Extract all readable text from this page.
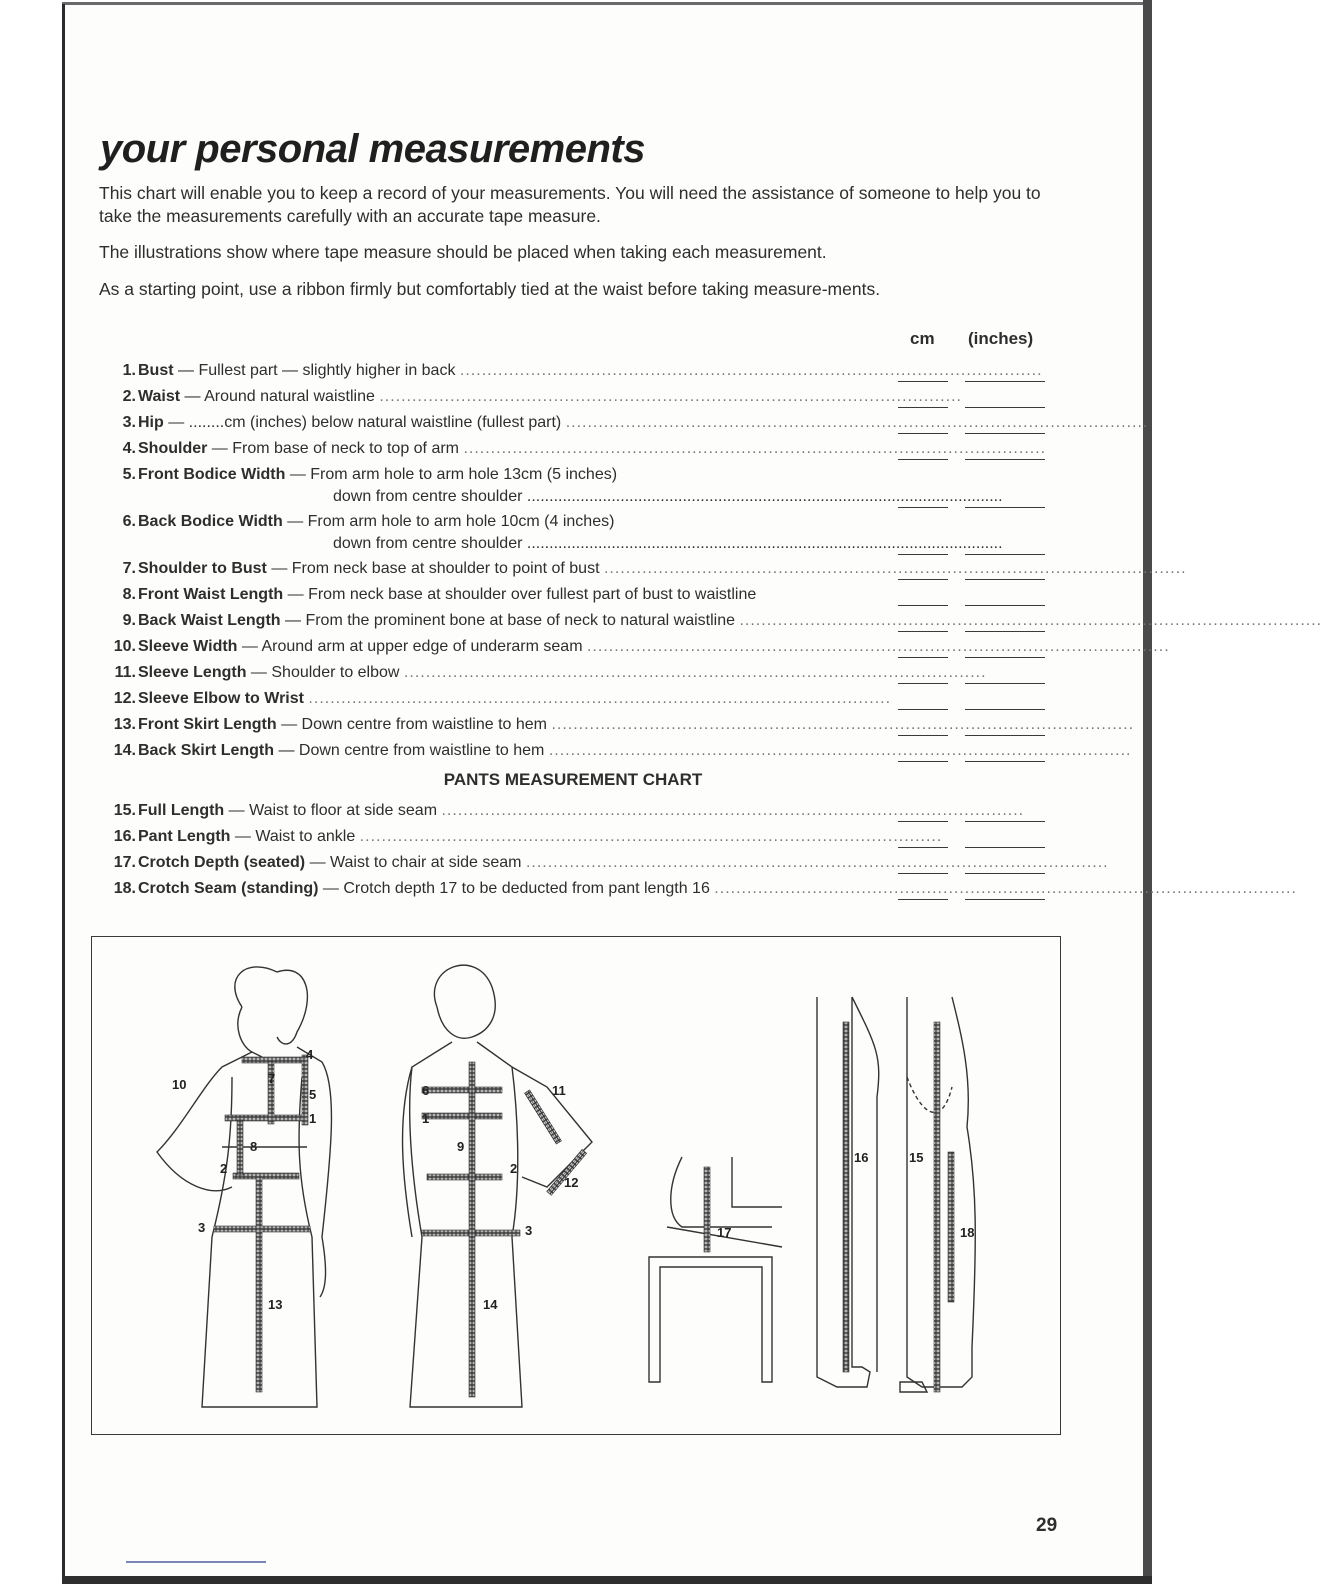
your personal measurements

This chart will enable you to keep a record of your measurements. You will need the assistance of someone to help you to take the measurements carefully with an accurate tape measure.

The illustrations show where tape measure should be placed when taking each measurement.

As a starting point, use a ribbon firmly but comfortably tied at the waist before taking measure-ments.

cm (inches)
1. Bust — Fullest part — slightly higher in back ...........................................................................................................
2. Waist — Around natural waistline ...........................................................................................................
3. Hip — ........cm (inches) below natural waistline (fullest part) ...........................................................................................................
4. Shoulder — From base of neck to top of arm ...........................................................................................................
5. Front Bodice Width — From arm hole to arm hole 13cm (5 inches)
down from centre shoulder ...........................................................................................................
6. Back Bodice Width — From arm hole to arm hole 10cm (4 inches)
down from centre shoulder ...........................................................................................................
7. Shoulder to Bust — From neck base at shoulder to point of bust ...........................................................................................................
8. Front Waist Length — From neck base at shoulder over fullest part of bust to waistline
9. Back Waist Length — From the prominent bone at base of neck to natural waistline ...........................................................................................................
10. Sleeve Width — Around arm at upper edge of underarm seam ...........................................................................................................
11. Sleeve Length — Shoulder to elbow ...........................................................................................................
12. Sleeve Elbow to Wrist ...........................................................................................................
13. Front Skirt Length — Down centre from waistline to hem ...........................................................................................................
14. Back Skirt Length — Down centre from waistline to hem ...........................................................................................................
PANTS MEASUREMENT CHART
15. Full Length — Waist to floor at side seam ...........................................................................................................
16. Pant Length — Waist to ankle ...........................................................................................................
17. Crotch Depth (seated) — Waist to chair at side seam ...........................................................................................................
18. Crotch Seam (standing) — Crotch depth 17 to be deducted from pant length 16 ...........................................................................................................
4
7
10
5
1
8
2
3
13
6
1
11
9
2
12
3
14
17
16	15
18
29
